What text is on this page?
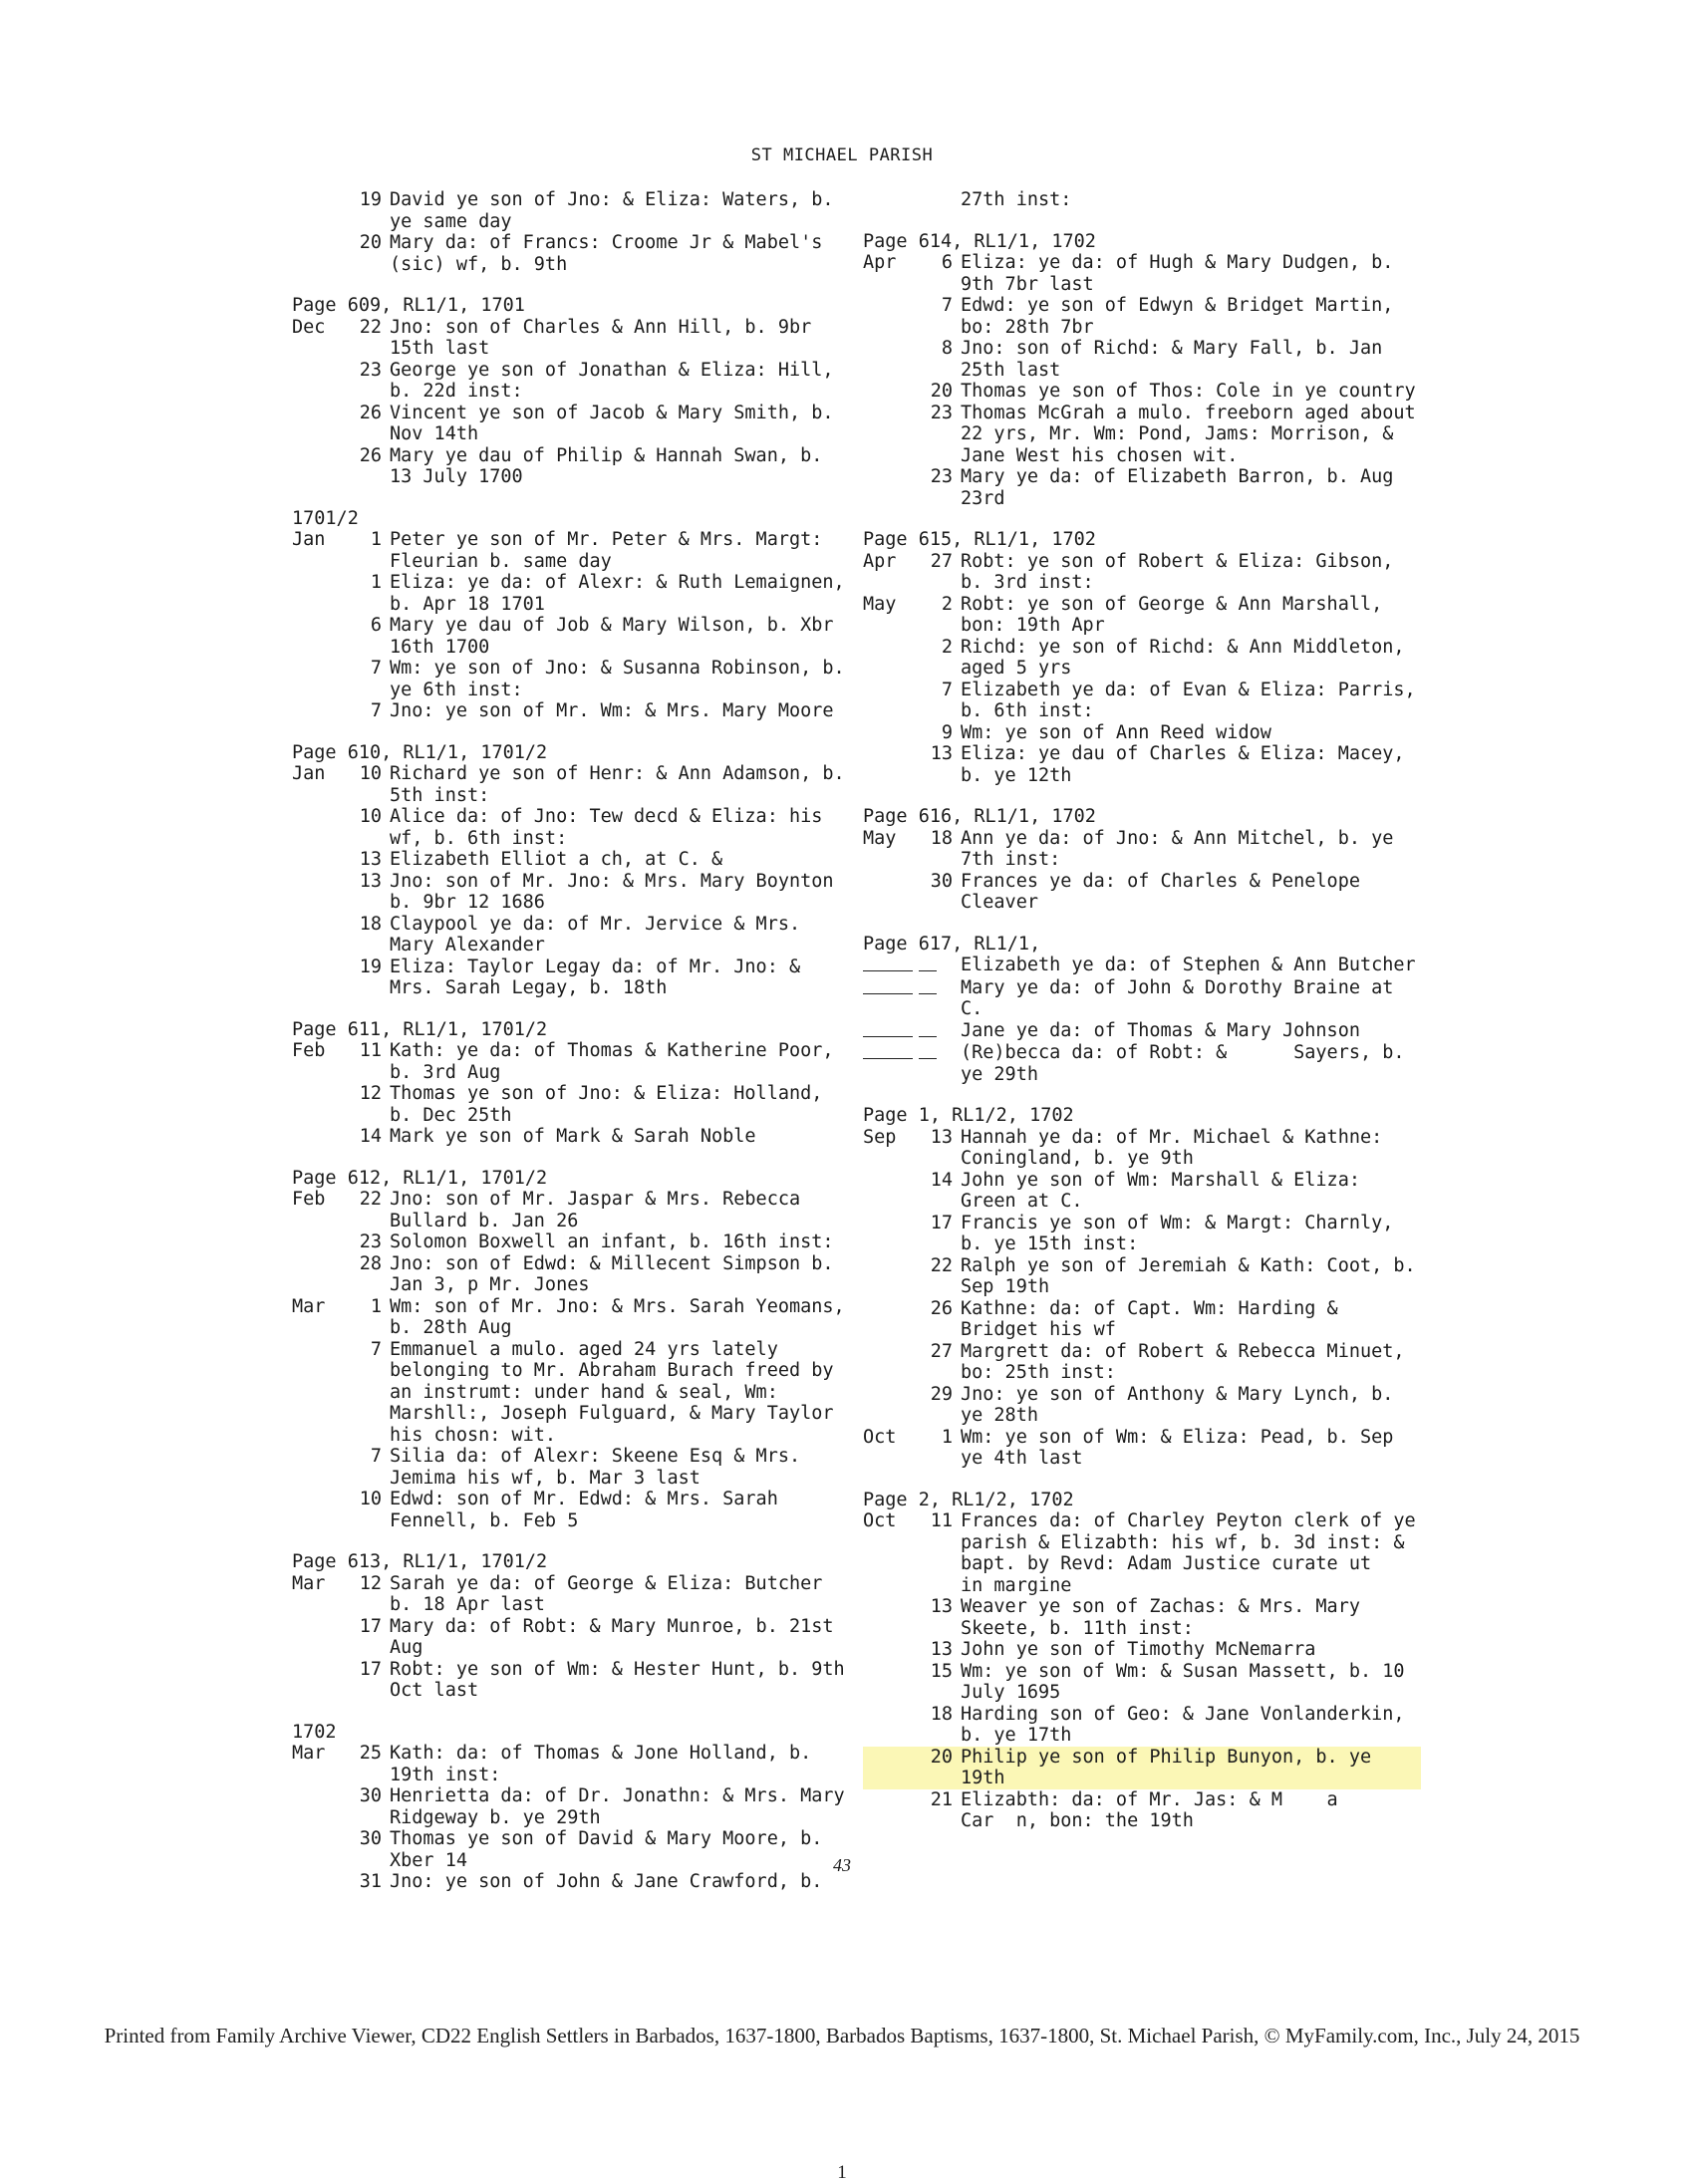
ST MICHAEL PARISH
19 David ye son of Jno: & Eliza: Waters, b.
ye same day
20 Mary da: of Francs: Croome Jr & Mabel's
(sic) wf, b. 9th
Page 609, RL1/1, 1701
Dec	22 Jno: son of Charles & Ann Hill, b. 9br
15th last
23 George ye son of Jonathan & Eliza: Hill,
b. 22d inst:
26 Vincent ye son of Jacob & Mary Smith, b.
Nov 14th
26 Mary ye dau of Philip & Hannah Swan, b.
13 July 1700
1701/2
Jan	1 Peter ye son of Mr. Peter & Mrs. Margt:
Fleurian b. same day
1 Eliza: ye da: of Alexr: & Ruth Lemaignen,
b. Apr 18 1701
6 Mary ye dau of Job & Mary Wilson, b. Xbr
16th 1700
7 Wm: ye son of Jno: & Susanna Robinson, b.
ye 6th inst:
7 Jno: ye son of Mr. Wm: & Mrs. Mary Moore
Page 610, RL1/1, 1701/2
Jan	10 Richard ye son of Henr: & Ann Adamson, b.
5th inst:
10 Alice da: of Jno: Tew decd & Eliza: his
wf, b. 6th inst:
13 Elizabeth Elliot a ch, at C. &
13 Jno: son of Mr. Jno: & Mrs. Mary Boynton
b. 9br 12 1686
18 Claypool ye da: of Mr. Jervice & Mrs.
Mary Alexander
19 Eliza: Taylor Legay da: of Mr. Jno: &
Mrs. Sarah Legay, b. 18th
Page 611, RL1/1, 1701/2
Feb	11 Kath: ye da: of Thomas & Katherine Poor,
b. 3rd Aug
12 Thomas ye son of Jno: & Eliza: Holland,
b. Dec 25th
14 Mark ye son of Mark & Sarah Noble
Page 612, RL1/1, 1701/2
Feb	22 Jno: son of Mr. Jaspar & Mrs. Rebecca
Bullard b. Jan 26
23 Solomon Boxwell an infant, b. 16th inst:
28 Jno: son of Edwd: & Millecent Simpson b.
Jan 3, p Mr. Jones
Mar	1 Wm: son of Mr. Jno: & Mrs. Sarah Yeomans,
b. 28th Aug
7 Emmanuel a mulo. aged 24 yrs lately
belonging to Mr. Abraham Burach freed by
an instrumt: under hand & seal, Wm:
Marshll:, Joseph Fulguard, & Mary Taylor
his chosn: wit.
7 Silia da: of Alexr: Skeene Esq & Mrs.
Jemima his wf, b. Mar 3 last
10 Edwd: son of Mr. Edwd: & Mrs. Sarah
Fennell, b. Feb 5
Page 613, RL1/1, 1701/2
Mar	12 Sarah ye da: of George & Eliza: Butcher
b. 18 Apr last
17 Mary da: of Robt: & Mary Munroe, b. 21st
Aug
17 Robt: ye son of Wm: & Hester Hunt, b. 9th
Oct last
1702
Mar	25 Kath: da: of Thomas & Jone Holland, b.
19th inst:
30 Henrietta da: of Dr. Jonathn: & Mrs. Mary
Ridgeway b. ye 29th
30 Thomas ye son of David & Mary Moore, b.
Xber 14
31 Jno: ye son of John & Jane Crawford, b.
27th inst:
Page 614, RL1/1, 1702
Apr	6 Eliza: ye da: of Hugh & Mary Dudgen, b.
9th 7br last
7 Edwd: ye son of Edwyn & Bridget Martin,
bo: 28th 7br
8 Jno: son of Richd: & Mary Fall, b. Jan
25th last
20 Thomas ye son of Thos: Cole in ye country
23 Thomas McGrah a mulo. freeborn aged about
22 yrs, Mr. Wm: Pond, Jams: Morrison, &
Jane West his chosen wit.
23 Mary ye da: of Elizabeth Barron, b. Aug
23rd
Page 615, RL1/1, 1702
Apr	27 Robt: ye son of Robert & Eliza: Gibson,
b. 3rd inst:
May	2 Robt: ye son of George & Ann Marshall,
bon: 19th Apr
2 Richd: ye son of Richd: & Ann Middleton,
aged 5 yrs
7 Elizabeth ye da: of Evan & Eliza: Parris,
b. 6th inst:
9 Wm: ye son of Ann Reed widow
13 Eliza: ye dau of Charles & Eliza: Macey,
b. ye 12th
Page 616, RL1/1, 1702
May	18 Ann ye da: of Jno: & Ann Mitchel, b. ye
7th inst:
30 Frances ye da: of Charles & Penelope
Cleaver
Page 617, RL1/1,
Elizabeth ye da: of Stephen & Ann Butcher
Mary ye da: of John & Dorothy Braine at
C.
Jane ye da: of Thomas & Mary Johnson
(Re)becca da: of Robt: &      Sayers, b.
ye 29th
Page 1, RL1/2, 1702
Sep	13 Hannah ye da: of Mr. Michael & Kathne:
Coningland, b. ye 9th
14 John ye son of Wm: Marshall & Eliza:
Green at C.
17 Francis ye son of Wm: & Margt: Charnly,
b. ye 15th inst:
22 Ralph ye son of Jeremiah & Kath: Coot, b.
Sep 19th
26 Kathne: da: of Capt. Wm: Harding &
Bridget his wf
27 Margrett da: of Robert & Rebecca Minuet,
bo: 25th inst:
29 Jno: ye son of Anthony & Mary Lynch, b.
ye 28th
Oct	1 Wm: ye son of Wm: & Eliza: Pead, b. Sep
ye 4th last
Page 2, RL1/2, 1702
Oct	11 Frances da: of Charley Peyton clerk of ye
parish & Elizabth: his wf, b. 3d inst: &
bapt. by Revd: Adam Justice curate ut
in margine
13 Weaver ye son of Zachas: & Mrs. Mary
Skeete, b. 11th inst:
13 John ye son of Timothy McNemarra
15 Wm: ye son of Wm: & Susan Massett, b. 10
July 1695
18 Harding son of Geo: & Jane Vonlanderkin,
b. ye 17th
20 Philip ye son of Philip Bunyon, b. ye
19th
21 Elizabth: da: of Mr. Jas: & M    a
Car  n, bon: the 19th
43
Printed from Family Archive Viewer, CD22 English Settlers in Barbados, 1637-1800, Barbados Baptisms, 1637-1800, St. Michael Parish, © MyFamily.com, Inc., July 24, 2015
1
